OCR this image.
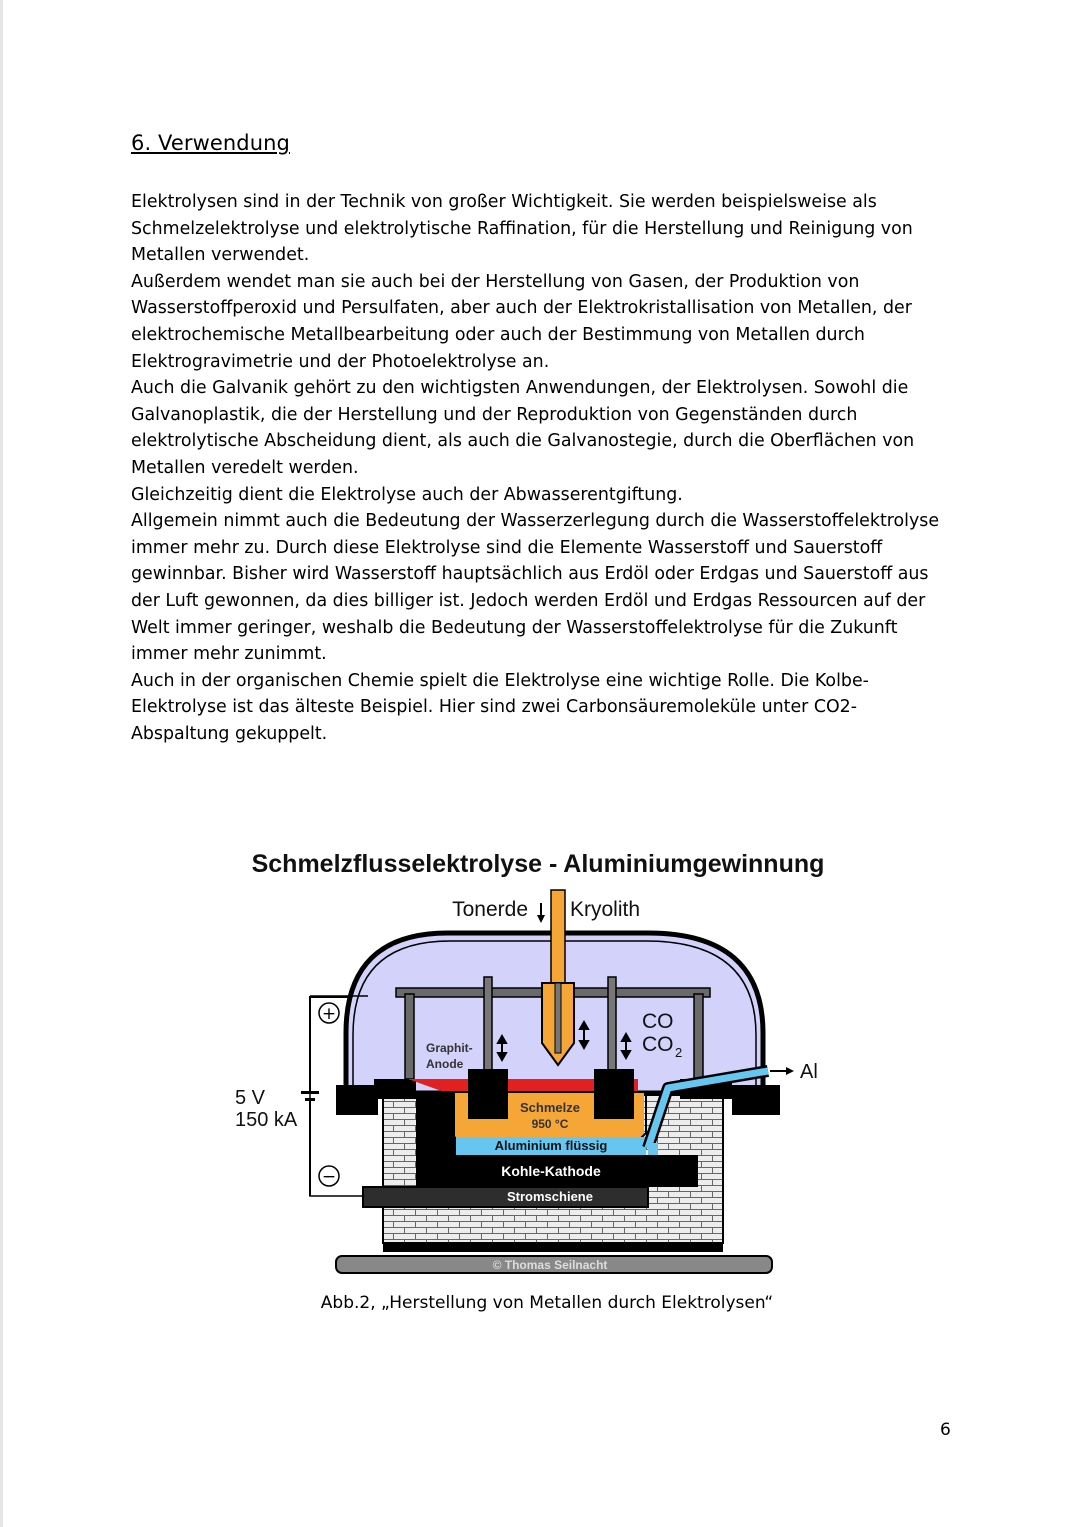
6. Verwendung
Elektrolysen sind in der Technik von großer Wichtigkeit. Sie werden beispielsweise als
Schmelzelektrolyse und elektrolytische Raffination, für die Herstellung und Reinigung von
Metallen verwendet.
Außerdem wendet man sie auch bei der Herstellung von Gasen, der Produktion von
Wasserstoffperoxid und Persulfaten, aber auch der Elektrokristallisation von Metallen, der
elektrochemische Metallbearbeitung oder auch der Bestimmung von Metallen durch
Elektrogravimetrie und der Photoelektrolyse an.
Auch die Galvanik gehört zu den wichtigsten Anwendungen, der Elektrolysen. Sowohl die
Galvanoplastik, die der Herstellung und der Reproduktion von Gegenständen durch
elektrolytische Abscheidung dient, als auch die Galvanostegie, durch die Oberflächen von
Metallen veredelt werden.
Gleichzeitig dient die Elektrolyse auch der Abwasserentgiftung.
Allgemein nimmt auch die Bedeutung der Wasserzerlegung durch die Wasserstoffelektrolyse
immer mehr zu. Durch diese Elektrolyse sind die Elemente Wasserstoff und Sauerstoff
gewinnbar. Bisher wird Wasserstoff hauptsächlich aus Erdöl oder Erdgas und Sauerstoff aus
der Luft gewonnen, da dies billiger ist. Jedoch werden Erdöl und Erdgas Ressourcen auf der
Welt immer geringer, weshalb die Bedeutung der Wasserstoffelektrolyse für die Zukunft
immer mehr zunimmt.
Auch in der organischen Chemie spielt die Elektrolyse eine wichtige Rolle. Die Kolbe-
Elektrolyse ist das älteste Beispiel. Hier sind zwei Carbonsäuremoleküle unter CO2-
Abspaltung gekuppelt.
Schmelzflusselektrolyse - Aluminiumgewinnung
Tonerde Kryolith
Graphit-
Anode
CO
CO 2
+
−
5 V
150 kA
Al
Schmelze
950 °C
Aluminium flüssig
Kohle-Kathode
Stromschiene
© Thomas Seilnacht
Abb.2, „Herstellung von Metallen durch Elektrolysen“
6
